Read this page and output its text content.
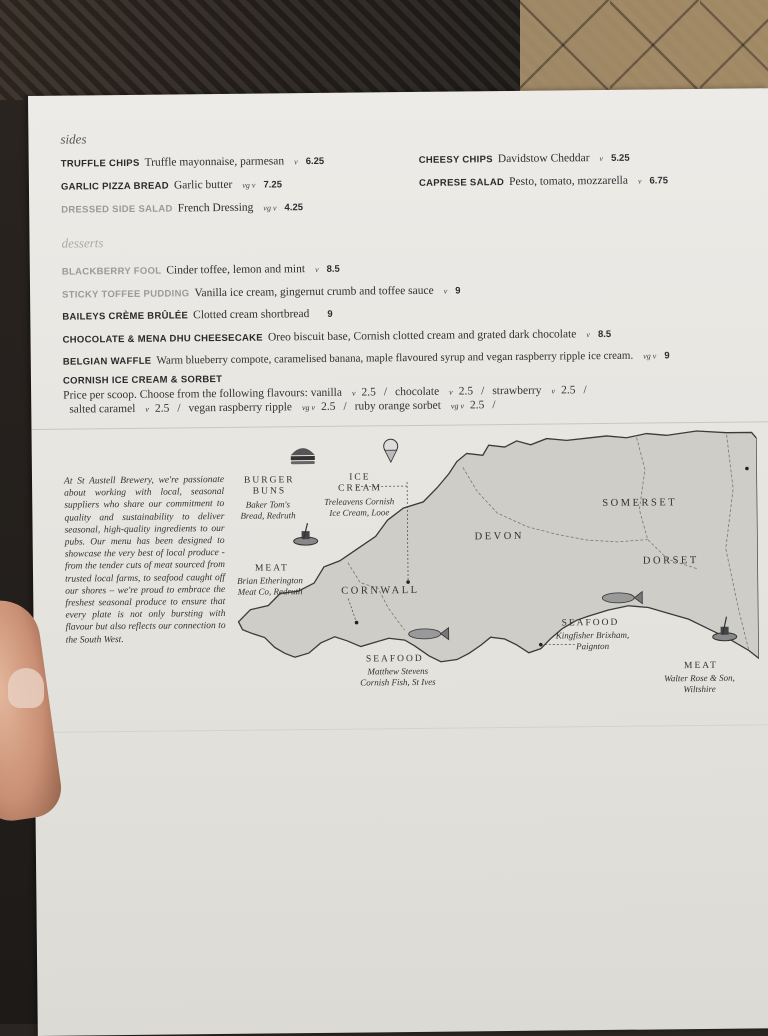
sides
TRUFFLE CHIPS Truffle mayonnaise, parmesan v 6.25	CHEESY CHIPS Davidstow Cheddar v 5.25
GARLIC PIZZA BREAD Garlic butter vg v 7.25	CAPRESE SALAD Pesto, tomato, mozzarella v 6.75
DRESSED SIDE SALAD French Dressing vg v 4.25
desserts
BLACKBERRY FOOL Cinder toffee, lemon and mint v 8.5
STICKY TOFFEE PUDDING Vanilla ice cream, gingernut crumb and toffee sauce v 9
BAILEYS CRÈME BRÛLÉE Clotted cream shortbread 9
CHOCOLATE & MENA DHU CHEESECAKE Oreo biscuit base, Cornish clotted cream and grated dark chocolate v 8.5
BELGIAN WAFFLE Warm blueberry compote, caramelised banana, maple flavoured syrup and vegan raspberry ripple ice cream. vg v 9
CORNISH ICE CREAM & SORBET
Price per scoop. Choose from the following flavours: vanilla v 2.5 / chocolate v 2.5 / strawberry v 2.5 /
salted caramel v 2.5 / vegan raspberry ripple vg v 2.5 / ruby orange sorbet vg v 2.5 /
At St Austell Brewery, we're passionate about working with local, seasonal suppliers who share our commitment to quality and sustainability to deliver seasonal, high-quality ingredients to our pubs. Our menu has been designed to showcase the very best of local produce - from the tender cuts of meat sourced from trusted local farms, to seafood caught off our shores – we're proud to embrace the freshest seasonal produce to ensure that every plate is not only bursting with flavour but also reflects our connection to the South West.
CORNWALL
DEVON
SOMERSET
DORSET
BURGER
BUNS
Baker Tom's
Bread, Redruth
ICE
CREAM
Treleavens Cornish
Ice Cream, Looe
MEAT
Brian Etherington
Meat Co, Redruth
SEAFOOD
Matthew Stevens
Cornish Fish, St Ives
SEAFOOD
Kingfisher Brixham,
Paignton
MEAT
Walter Rose & Son,
Wiltshire
